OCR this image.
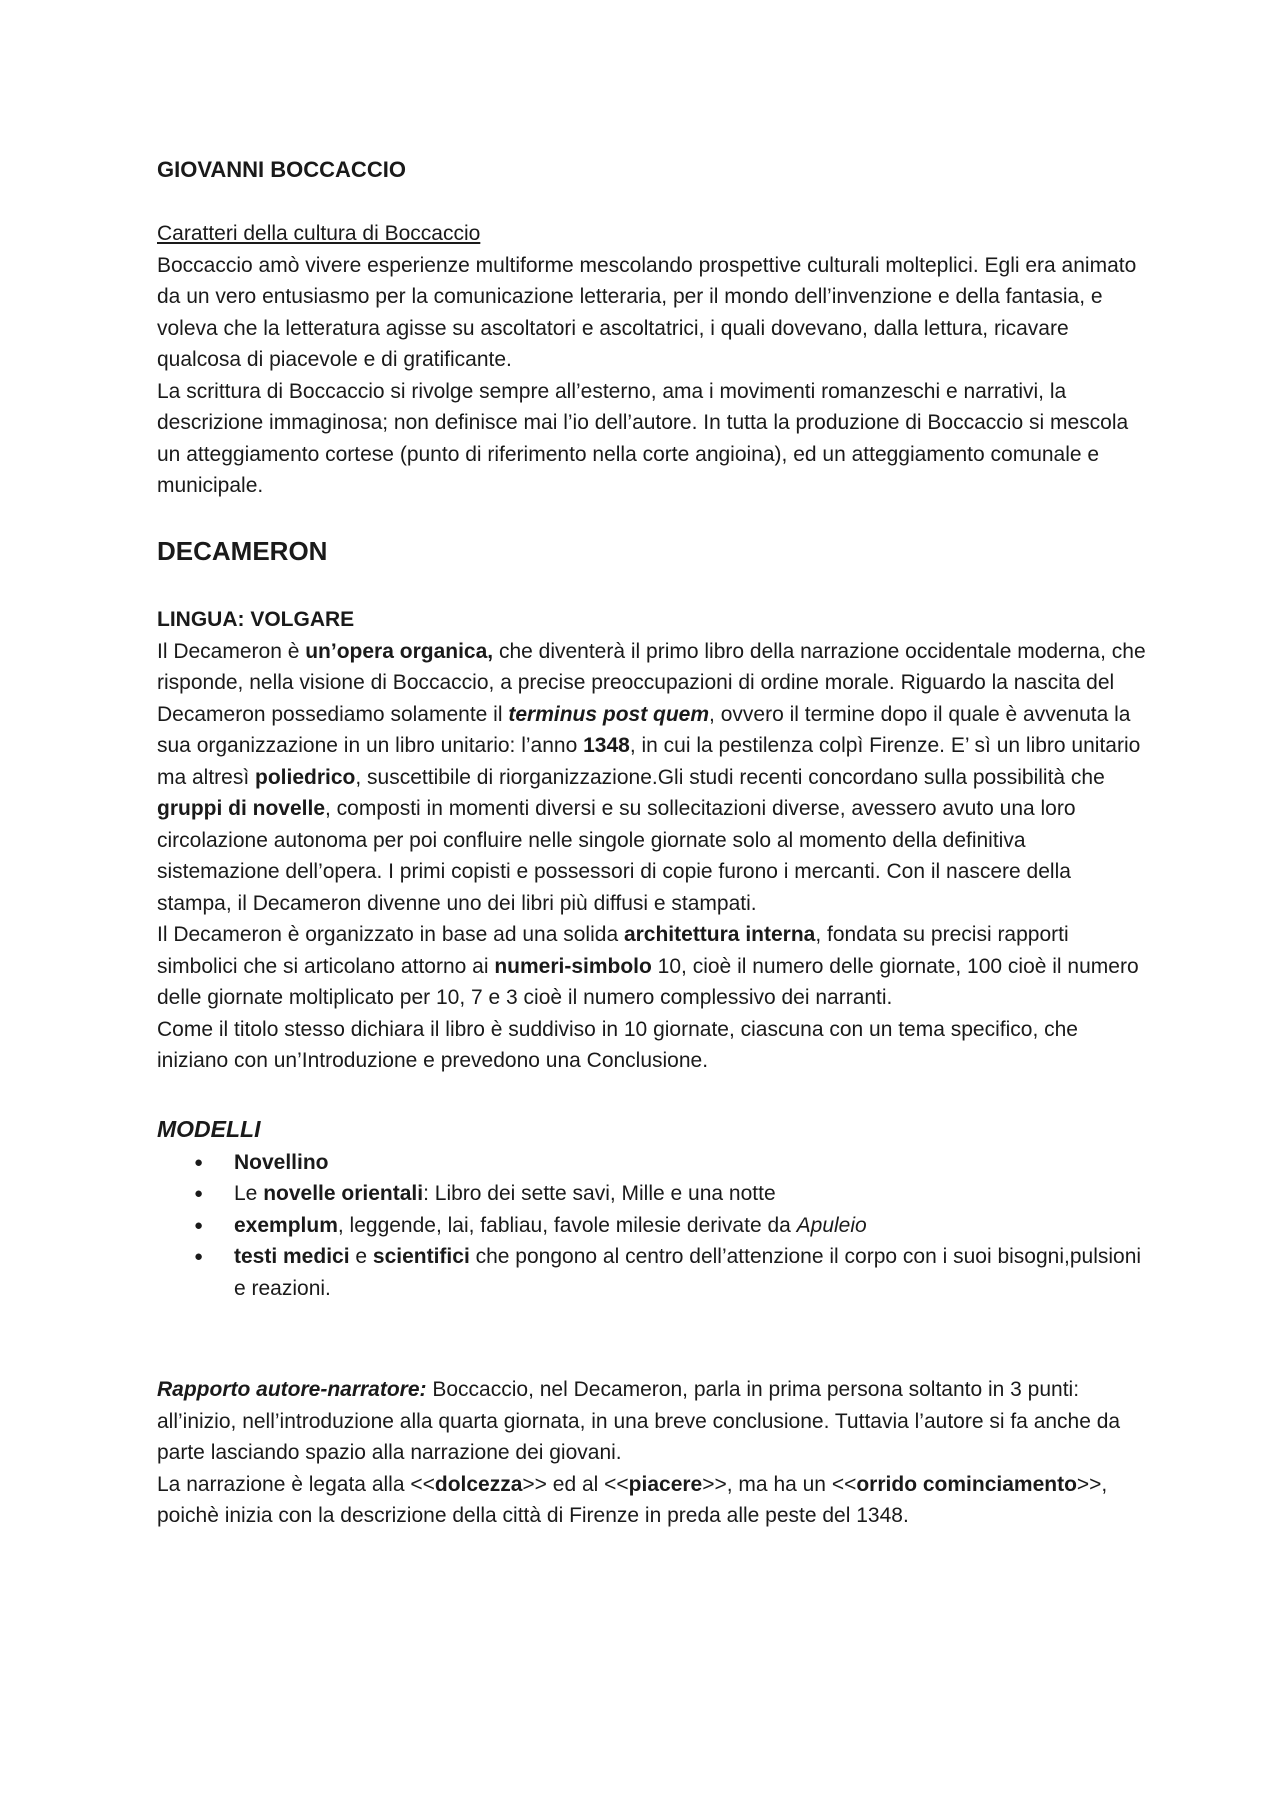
GIOVANNI BOCCACCIO
Caratteri della cultura di Boccaccio

Boccaccio amò vivere esperienze multiforme mescolando prospettive culturali molteplici. Egli era animato da un vero entusiasmo per la comunicazione letteraria, per il mondo dell’invenzione e della fantasia, e voleva che la letteratura agisse su ascoltatori e ascoltatrici, i quali dovevano, dalla lettura, ricavare qualcosa di piacevole e di gratificante.

La scrittura di Boccaccio si rivolge sempre all’esterno, ama i movimenti romanzeschi e narrativi, la descrizione immaginosa; non definisce mai l’io dell’autore. In tutta la produzione di Boccaccio si mescola un atteggiamento cortese (punto di riferimento nella corte angioina), ed un atteggiamento comunale e municipale.

DECAMERON
LINGUA: VOLGARE

Il Decameron è un’opera organica, che diventerà il primo libro della narrazione occidentale moderna, che risponde, nella visione di Boccaccio, a precise preoccupazioni di ordine morale. Riguardo la nascita del Decameron possediamo solamente il terminus post quem, ovvero il termine dopo il quale è avvenuta la sua organizzazione in un libro unitario: l’anno 1348, in cui la pestilenza colpì Firenze. E’ sì un libro unitario ma altresì poliedrico, suscettibile di riorganizzazione.Gli studi recenti concordano sulla possibilità che gruppi di novelle, composti in momenti diversi e su sollecitazioni diverse, avessero avuto una loro circolazione autonoma per poi confluire nelle singole giornate solo al momento della definitiva sistemazione dell’opera. I primi copisti e possessori di copie furono i mercanti. Con il nascere della stampa, il Decameron divenne uno dei libri più diffusi e stampati.

Il Decameron è organizzato in base ad una solida architettura interna, fondata su precisi rapporti simbolici che si articolano attorno ai numeri-simbolo 10, cioè il numero delle giornate, 100 cioè il numero delle giornate moltiplicato per 10, 7 e 3 cioè il numero complessivo dei narranti.

Come il titolo stesso dichiara il libro è suddiviso in 10 giornate, ciascuna con un tema specifico, che iniziano con un’Introduzione e prevedono una Conclusione.

MODELLI
● Novellino
● Le novelle orientali: Libro dei sette savi, Mille e una notte
● exemplum, leggende, lai, fabliau, favole milesie derivate da Apuleio
● testi medici e scientifici che pongono al centro dell’attenzione il corpo con i suoi bisogni,pulsioni e reazioni.

Rapporto autore-narratore: Boccaccio, nel Decameron, parla in prima persona soltanto in 3 punti: all’inizio, nell’introduzione alla quarta giornata, in una breve conclusione. Tuttavia l’autore si fa anche da parte lasciando spazio alla narrazione dei giovani.

La narrazione è legata alla <<dolcezza>> ed al <<piacere>>, ma ha un <<orrido cominciamento>>, poichè inizia con la descrizione della città di Firenze in preda alle peste del 1348.
